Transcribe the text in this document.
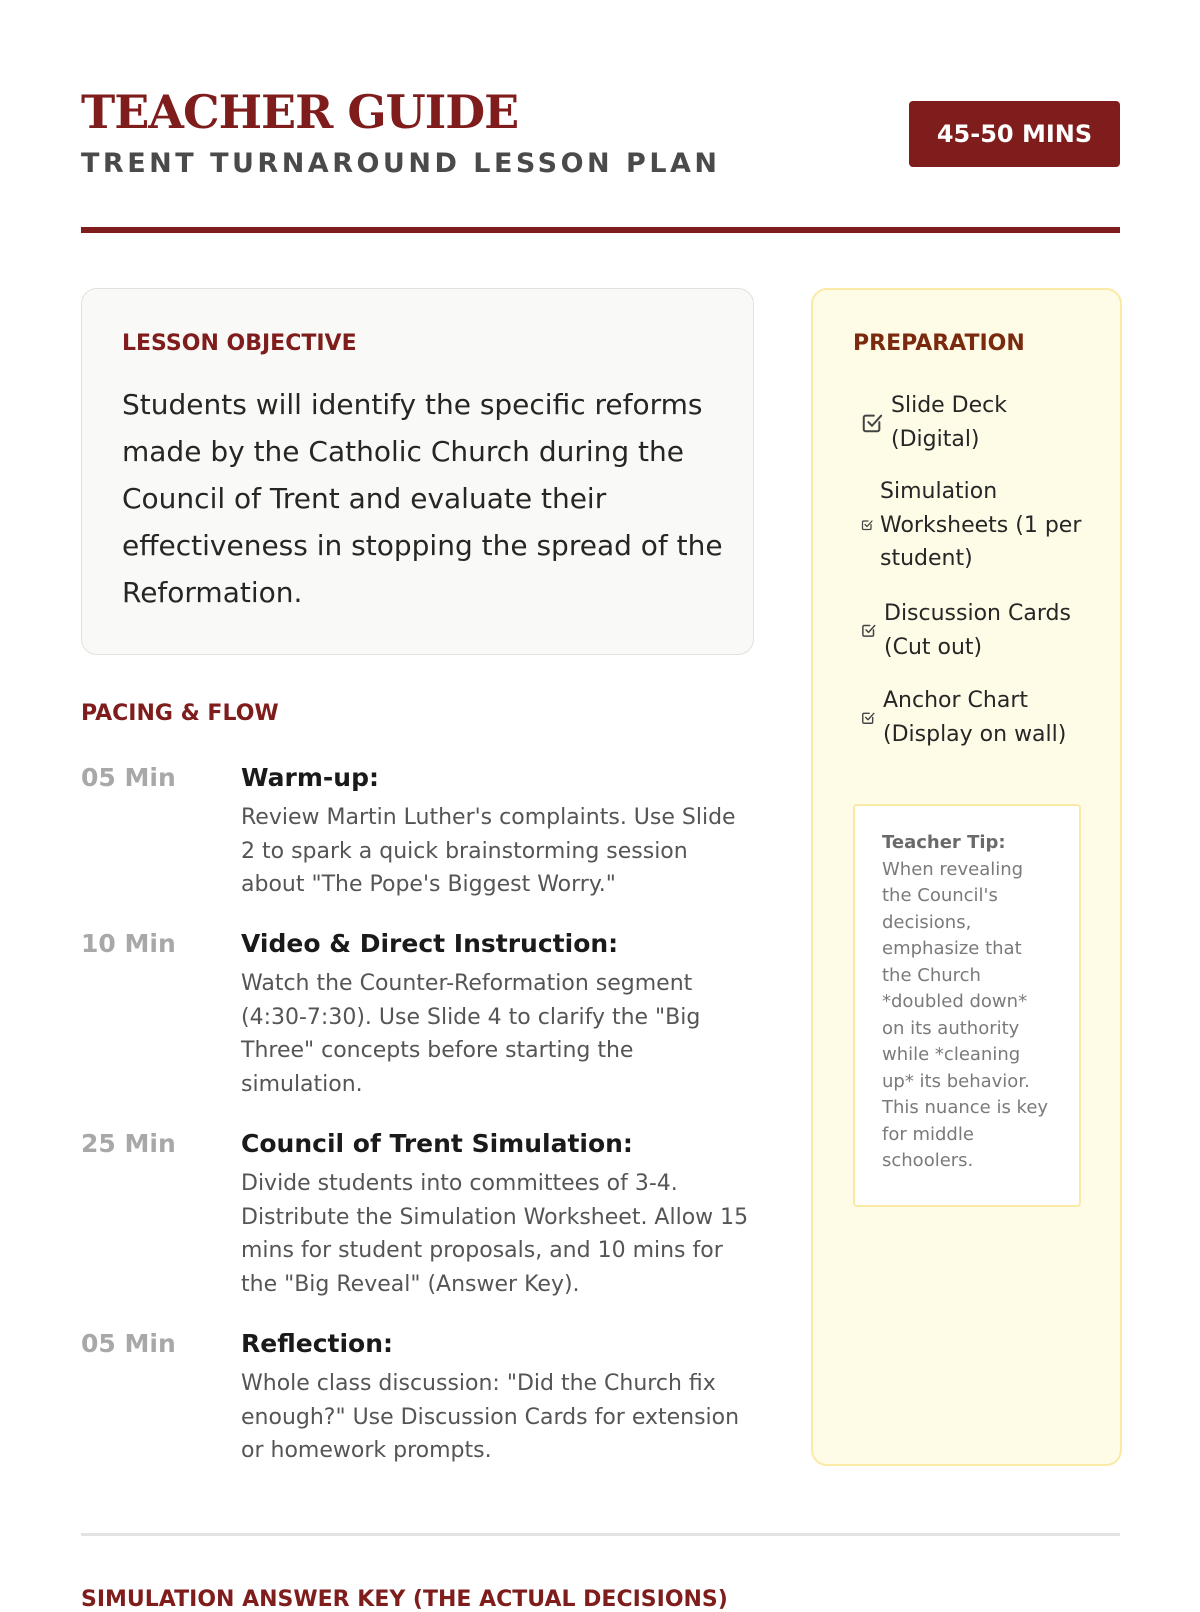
TEACHER GUIDE
TRENT TURNAROUND LESSON PLAN
45-50 MINS
LESSON OBJECTIVE
Students will identify the specific reforms made by the Catholic Church during the Council of Trent and evaluate their effectiveness in stopping the spread of the Reformation.
PACING & FLOW
05 Min	Warm-up:
Review Martin Luther's complaints. Use Slide 2 to spark a quick brainstorming session about "The Pope's Biggest Worry."
10 Min	Video & Direct Instruction:
Watch the Counter-Reformation segment (4:30-7:30). Use Slide 4 to clarify the "Big Three" concepts before starting the simulation.
25 Min	Council of Trent Simulation:
Divide students into committees of 3-4. Distribute the Simulation Worksheet. Allow 15 mins for student proposals, and 10 mins for the "Big Reveal" (Answer Key).
05 Min	Reflection:
Whole class discussion: "Did the Church fix enough?" Use Discussion Cards for extension or homework prompts.
PREPARATION
Slide Deck (Digital)
Simulation Worksheets (1 per student)
Discussion Cards (Cut out)
Anchor Chart (Display on wall)
Teacher Tip:
When revealing the Council's decisions, emphasize that the Church *doubled down* on its authority while *cleaning up* its behavior. This nuance is key for middle schoolers.
SIMULATION ANSWER KEY (THE ACTUAL DECISIONS)
